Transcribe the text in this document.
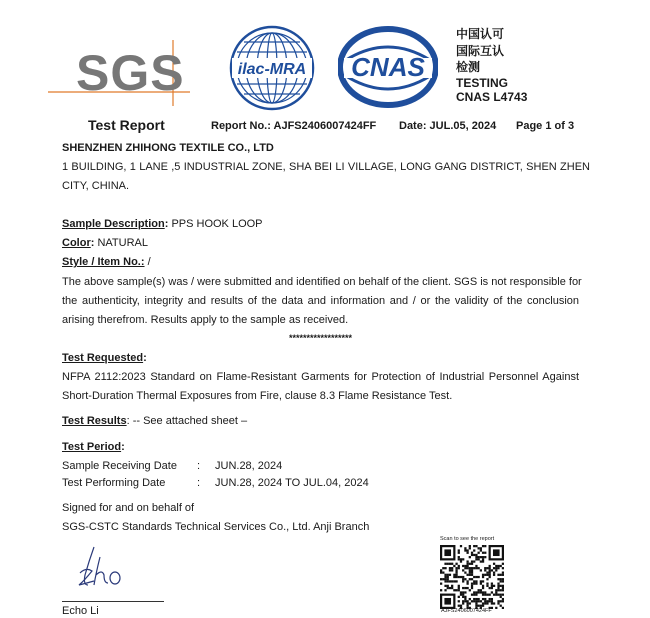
SGS	ilac-MRA CNAS
中国认可
国际互认
检测
TESTING
CNAS L4743
Test Report	Report No.: AJFS2406007424FF Date: JUL.05, 2024 Page 1 of 3
SHENZHEN ZHIHONG TEXTILE CO., LTD
1 BUILDING, 1 LANE ,5 INDUSTRIAL ZONE, SHA BEI LI VILLAGE, LONG GANG DISTRICT, SHEN ZHEN
CITY, CHINA.
Sample Description: PPS HOOK LOOP
Color: NATURAL
Style / Item No.: /
The above sample(s) was / were submitted and identified on behalf of the client. SGS is not responsible for
the authenticity, integrity and results of the data and information and / or the validity of the conclusion
arising therefrom. Results apply to the sample as received.
******************
Test Requested:
NFPA 2112:2023 Standard on Flame-Resistant Garments for Protection of Industrial Personnel Against
Short-Duration Thermal Exposures from Fire, clause 8.3 Flame Resistance Test.
Test Results: -- See attached sheet –
Test Period:
Sample Receiving Date : JUN.28, 2024
Test Performing Date	: JUN.28, 2024 TO JUL.04, 2024
Signed for and on behalf of
SGS-CSTC Standards Technical Services Co., Ltd. Anji Branch
Echo Li
Scan to see the report
AJFS2406007424FF
